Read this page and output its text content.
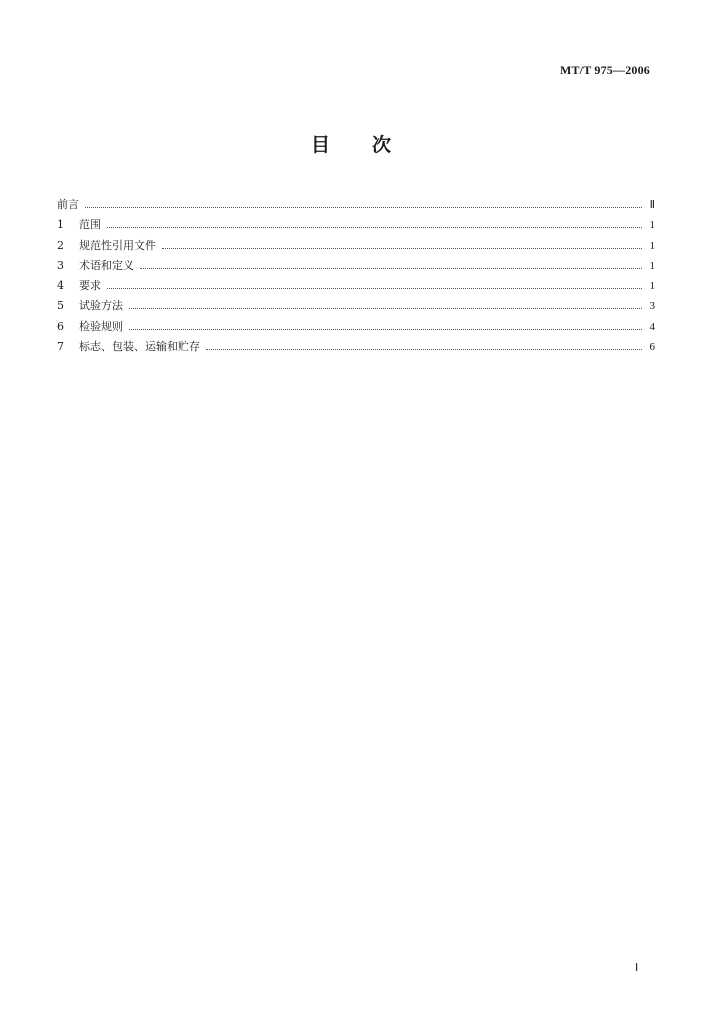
MT/T 975—2006
目 次
前言	Ⅱ
1	范围	1
2	规范性引用文件	1
3	术语和定义	1
4	要求	1
5	试验方法	3
6	检验规则	4
7	标志、包装、运输和贮存	6
Ⅰ
